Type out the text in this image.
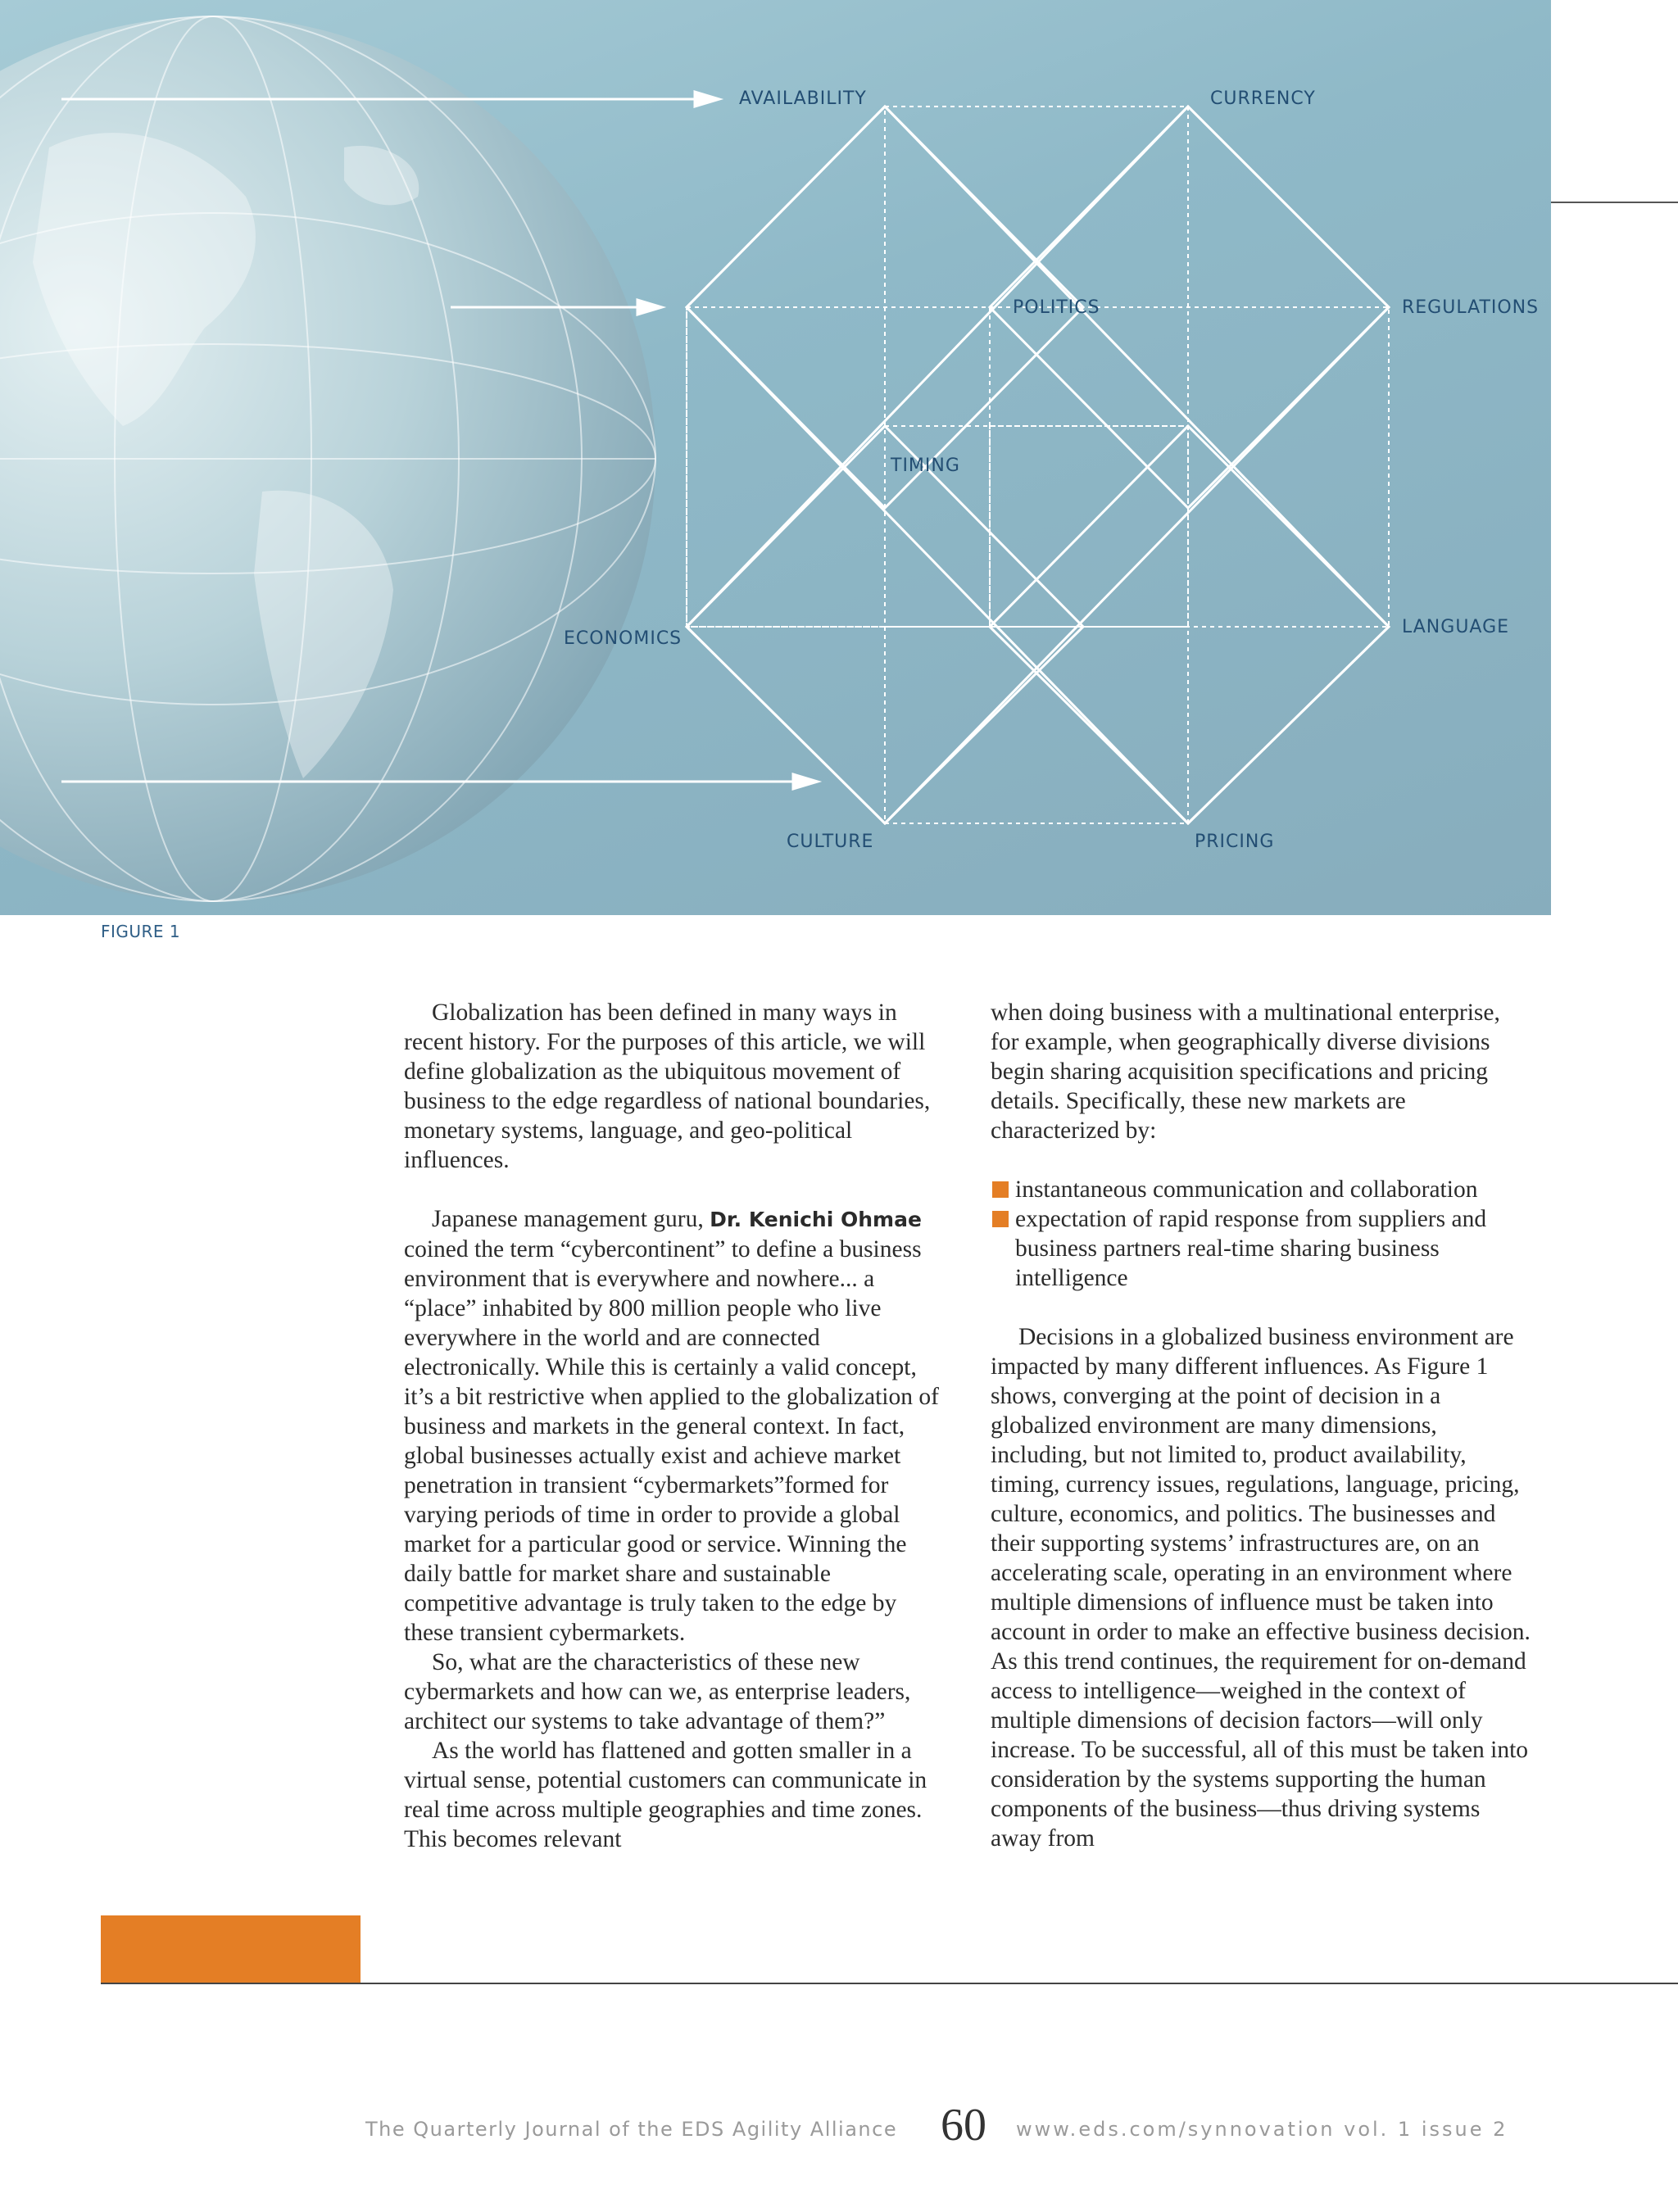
AVAILABILITY	CURRENCY
POLITICS	REGULATIONS
TIMING
ECONOMICS
LANGUAGE
CULTURE	PRICING
FIGURE 1

Globalization has been defined in many ways in recent history. For the purposes of this article, we will define globalization as the ubiquitous movement of business to the edge regardless of national boundaries, monetary systems, language, and geo-political influences.

Japanese management guru, Dr. Kenichi Ohmae coined the term “cybercontinent” to define a business environment that is everywhere and nowhere... a “place” inhabited by 800 million people who live everywhere in the world and are connected electronically. While this is certainly a valid concept, it’s a bit restrictive when applied to the globalization of business and markets in the general context. In fact, global businesses actually exist and achieve market penetration in transient “cybermarkets”formed for varying periods of time in order to provide a global market for a particular good or service. Winning the daily battle for market share and sustainable competitive advantage is truly taken to the edge by these transient cybermarkets.

So, what are the characteristics of these new cybermarkets and how can we, as enterprise leaders, architect our systems to take advantage of them?”

As the world has flattened and gotten smaller in a virtual sense, potential customers can communicate in real time across multiple geographies and time zones. This becomes relevant

when doing business with a multinational enterprise, for example, when geographically diverse divisions begin sharing acquisition specifications and pricing details. Specifically, these new markets are characterized by:

instantaneous communication and collaboration

expectation of rapid response from suppliers and business partners real-time sharing business intelligence

Decisions in a globalized business environment are impacted by many different influences. As Figure 1 shows, converging at the point of decision in a globalized environment are many dimensions, including, but not limited to, product availability, timing, currency issues, regulations, language, pricing, culture, economics, and politics. The businesses and their supporting systems’ infrastructures are, on an accelerating scale, operating in an environment where multiple dimensions of influence must be taken into account in order to make an effective business decision. As this trend continues, the requirement for on-demand access to intelligence—weighed in the context of multiple dimensions of decision factors—will only increase. To be successful, all of this must be taken into consideration by the systems supporting the human components of the business—thus driving systems away from

The Quarterly Journal of the EDS Agility Alliance 60 www.eds.com/synnovation vol. 1 issue 2
